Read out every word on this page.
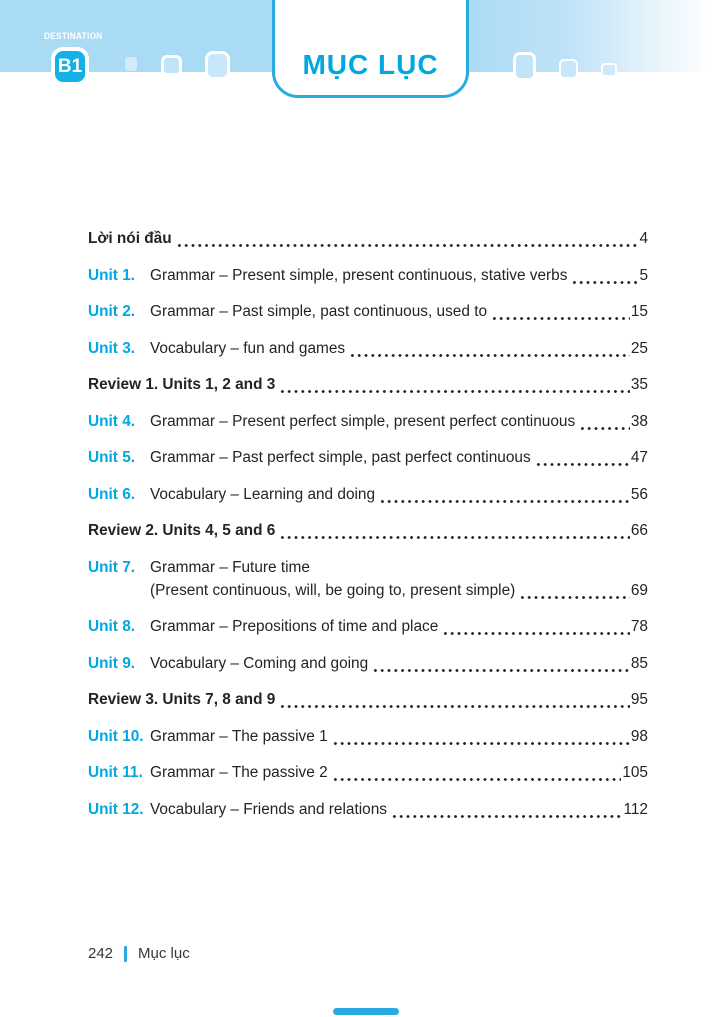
DESTINATION
B1	MỤC LỤC
Lời nói đầu	4
Unit 1. Grammar – Present simple, present continuous, stative verbs	5
Unit 2. Grammar – Past simple, past continuous, used to	15
Unit 3. Vocabulary – fun and games	25
Review 1. Units 1, 2 and 3	35
Unit 4. Grammar – Present perfect simple, present perfect continuous	38
Unit 5. Grammar – Past perfect simple, past perfect continuous	47
Unit 6. Vocabulary – Learning and doing	56
Review 2. Units 4, 5 and 6	66
Unit 7. Grammar – Future time
(Present continuous, will, be going to, present simple)	69
Unit 8. Grammar – Prepositions of time and place	78
Unit 9. Vocabulary – Coming and going	85
Review 3. Units 7, 8 and 9	95
Unit 10. Grammar – The passive 1	98
Unit 11. Grammar – The passive 2	105
Unit 12. Vocabulary – Friends and relations	112
242 Mục lục
